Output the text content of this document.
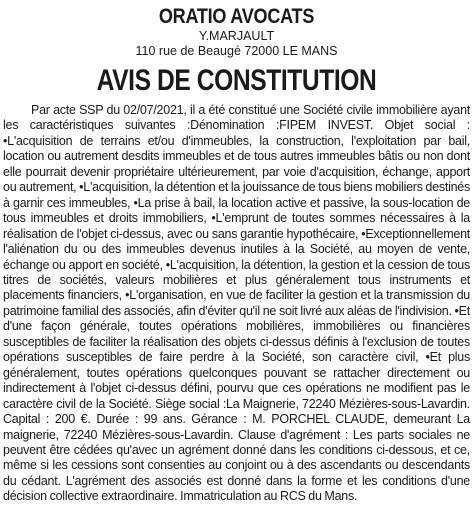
ORATIO AVOCATS

Y.MARJAULT

110 rue de Beaugé 72000 LE MANS

AVIS DE CONSTITUTION

Par acte SSP du 02/07/2021, il a été constitué une Société civile immobilière ayant les caractéristiques suivantes :Dénomination :FIPEM INVEST. Objet social : •L'acquisition de terrains et/ou d'immeubles, la construction, l'exploitation par bail, location ou autrement desdits immeubles et de tous autres immeubles bâtis ou non dont elle pourrait devenir propriétaire ultérieurement, par voie d'acquisition, échange, apport ou autrement, •L'acquisition, la détention et la jouissance de tous biens mobiliers destinés à garnir ces immeubles, •La prise à bail, la location active et passive, la sous-location de tous immeubles et droits immobiliers, •L'emprunt de toutes sommes nécessaires à la réalisation de l'objet ci-dessus, avec ou sans garantie hypothécaire, •Exceptionnellement l'aliénation du ou des immeubles devenus inutiles à la Société, au moyen de vente, échange ou apport en société, •L'acquisition, la détention, la gestion et la cession de tous titres de sociétés, valeurs mobilières et plus généralement tous instruments et placements financiers, •L'organisation, en vue de faciliter la gestion et la transmission du patrimoine familial des associés, afin d'éviter qu'il ne soit livré aux aléas de l'indivision. •Et d'une façon générale, toutes opérations mobilières, immobilières ou financières susceptibles de faciliter la réalisation des objets ci-dessus définis à l'exclusion de toutes opérations susceptibles de faire perdre à la Société, son caractère civil, •Et plus généralement, toutes opérations quelconques pouvant se rattacher directement ou indirectement à l'objet ci-dessus défini, pourvu que ces opérations ne modifient pas le caractère civil de la Société. Siège social :La Maignerie, 72240 Mézières-sous-Lavardin. Capital : 200 €. Durée : 99 ans. Gérance : M. PORCHEL CLAUDE, demeurant La maignerie, 72240 Mézières-sous-Lavardin. Clause d'agrément : Les parts sociales ne peuvent être cédées qu'avec un agrément donné dans les conditions ci-dessous, et ce, même si les cessions sont consenties au conjoint ou à des ascendants ou descendants du cédant. L'agrément des associés est donné dans la forme et les conditions d'une décision collective extraordinaire. Immatriculation au RCS du Mans.
